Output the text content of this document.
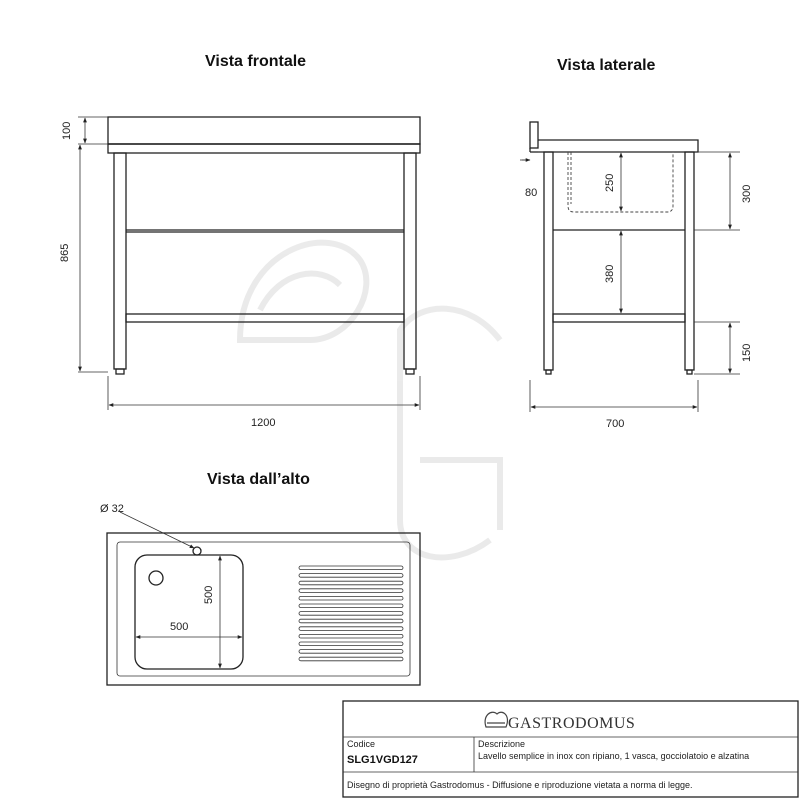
Vista frontale	Vista laterale
Vista dall’alto
100
865
1200
80
250
300
380
150
700
Ø 32
500
500
GASTRODOMUS
Codice
SLG1VGD127
Descrizione
Lavello semplice in inox con ripiano, 1 vasca, gocciolatoio e alzatina
Disegno di proprietà Gastrodomus - Diffusione e riproduzione vietata a norma di legge.
